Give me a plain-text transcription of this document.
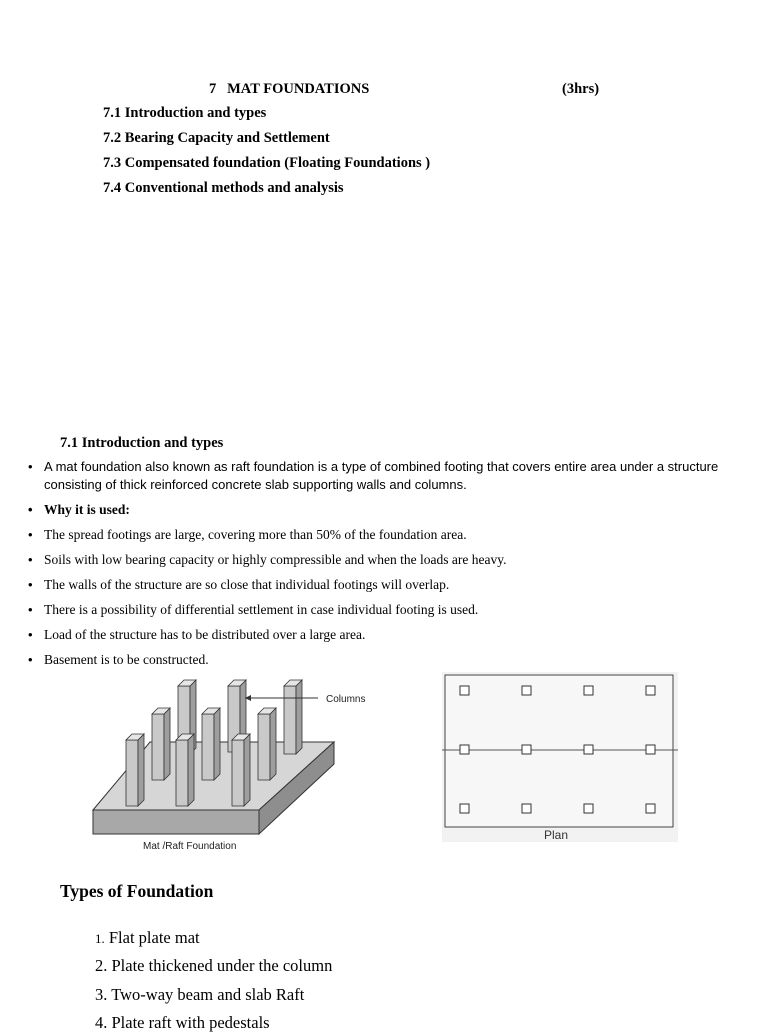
7   MAT FOUNDATIONS	(3hrs)
7.1 Introduction and types
7.2 Bearing Capacity and Settlement
7.3 Compensated foundation (Floating Foundations )
7.4 Conventional methods and analysis
7.1 Introduction and types
• A mat foundation also known as raft foundation is a type of combined footing that covers entire area under a structure consisting of thick reinforced concrete slab supporting walls and columns.
• Why it is used:
• The spread footings are large, covering more than 50% of the foundation area.
• Soils with low bearing capacity or highly compressible and when the loads are heavy.
• The walls of the structure are so close that individual footings will overlap.
• There is a possibility of differential settlement in case individual footing is used.
• Load of the structure has to be distributed over a large area.
• Basement is to be constructed.
Columns
Mat /Raft Foundation
Plan
Types of Foundation
1. Flat plate mat
2. Plate thickened under the column
3. Two-way beam and slab Raft
4. Plate raft with pedestals
